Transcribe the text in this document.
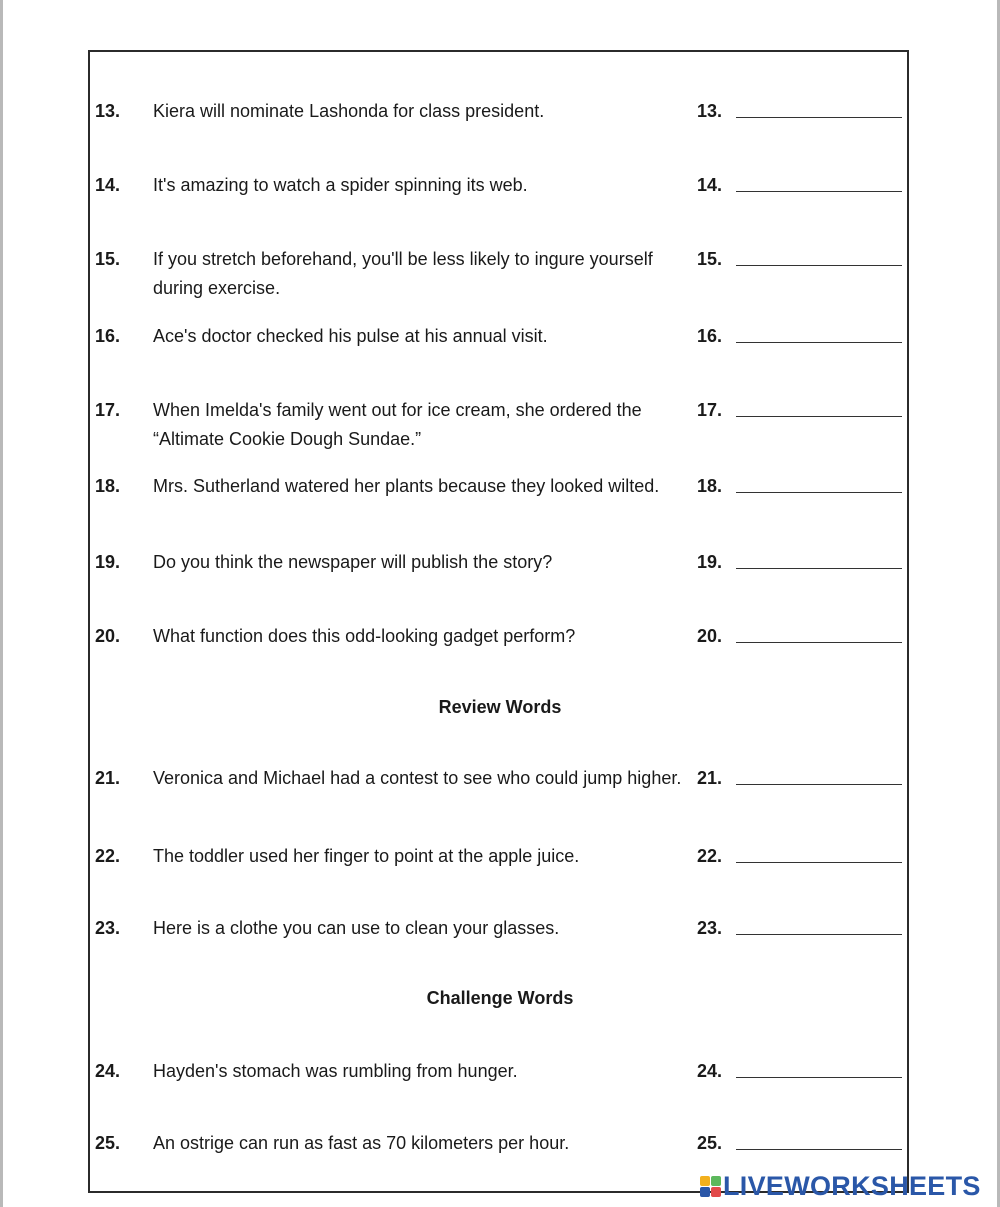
13. Kiera will nominate Lashonda for class president.	13.
14. It's amazing to watch a spider spinning its web.	14.
15. If you stretch beforehand, you'll be less likely to ingure yourself during exercise.
15.
16. Ace's doctor checked his pulse at his annual visit.	16.
17. When Imelda's family went out for ice cream, she ordered the “Altimate Cookie Dough Sundae.”
17.
18. Mrs. Sutherland watered her plants because they looked wilted.	18.
19. Do you think the newspaper will publish the story?	19.
20. What function does this odd-looking gadget perform?	20.
Review Words
21. Veronica and Michael had a contest to see who could jump higher. 21.
22. The toddler used her finger to point at the apple juice.	22.
23. Here is a clothe you can use to clean your glasses.	23.
Challenge Words
24. Hayden's stomach was rumbling from hunger.	24.
25. An ostrige can run as fast as 70 kilometers per hour.	25.
LIVEWORKSHEETS
